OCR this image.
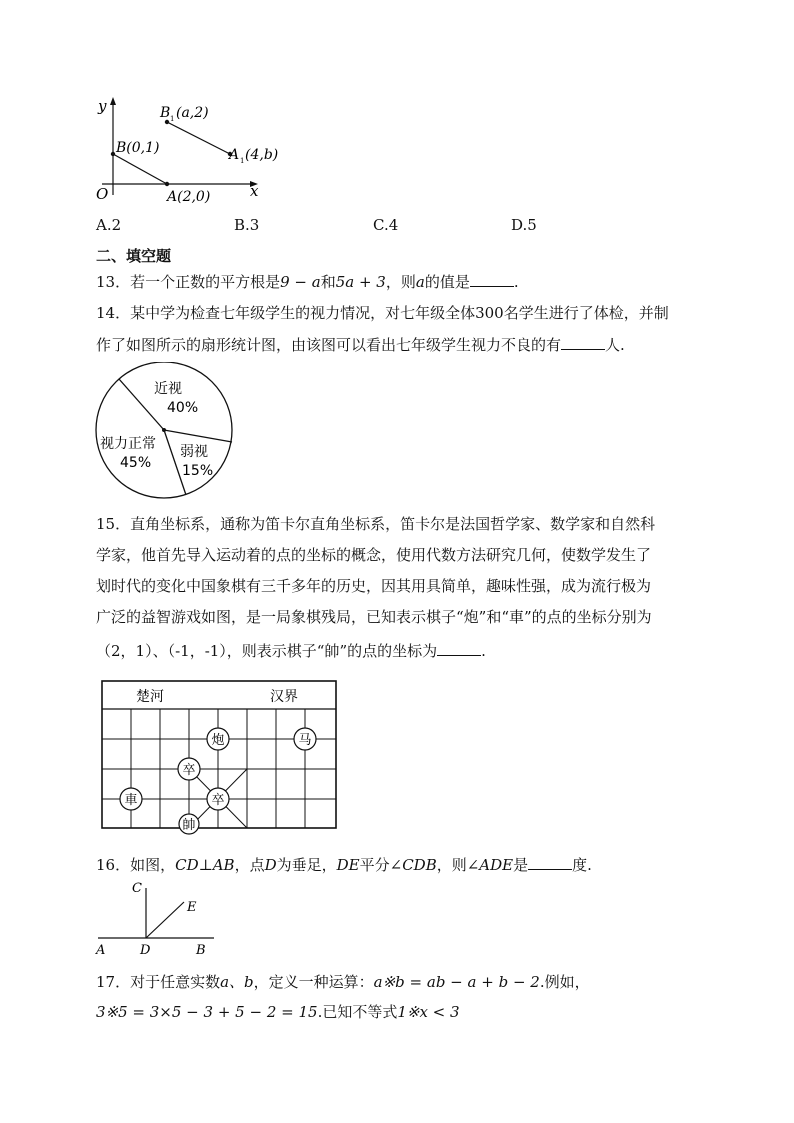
y
x
O
B(0,1)
A(2,0)
B 1 (a,2)
A 1 (4,b)
A.2	B.3	C.4	D.5
二、填空题
13．若一个正数的平方根是9 − a和5a + 3，则a的值是	.
14．某中学为检查七年级学生的视力情况，对七年级全体300名学生进行了体检，并制
作了如图所示的扇形统计图，由该图可以看出七年级学生视力不良的有	人.
近视
40%
弱视
15%
视力正常
45%
15．直角坐标系，通称为笛卡尔直角坐标系，笛卡尔是法国哲学家、数学家和自然科
学家，他首先导入运动着的点的坐标的概念，使用代数方法研究几何，使数学发生了
划时代的变化中国象棋有三千多年的历史，因其用具简单，趣味性强，成为流行极为
广泛的益智游戏如图，是一局象棋残局，已知表示棋子“炮”和“車”的点的坐标分别为
（2，1）、（-1，-1），则表示棋子“帥”的点的坐标为	.
楚河	汉界
炮	马
卒
車	卒
帥
16．如图，CD⊥AB，点D为垂足，DE平分∠CDB，则∠ADE是	度.
C
E
A	D	B
17．对于任意实数a、b，定义一种运算：a※b = ab − a + b − 2.例如，
3※5 = 3×5 − 3 + 5 − 2 = 15.已知不等式1※x < 3
